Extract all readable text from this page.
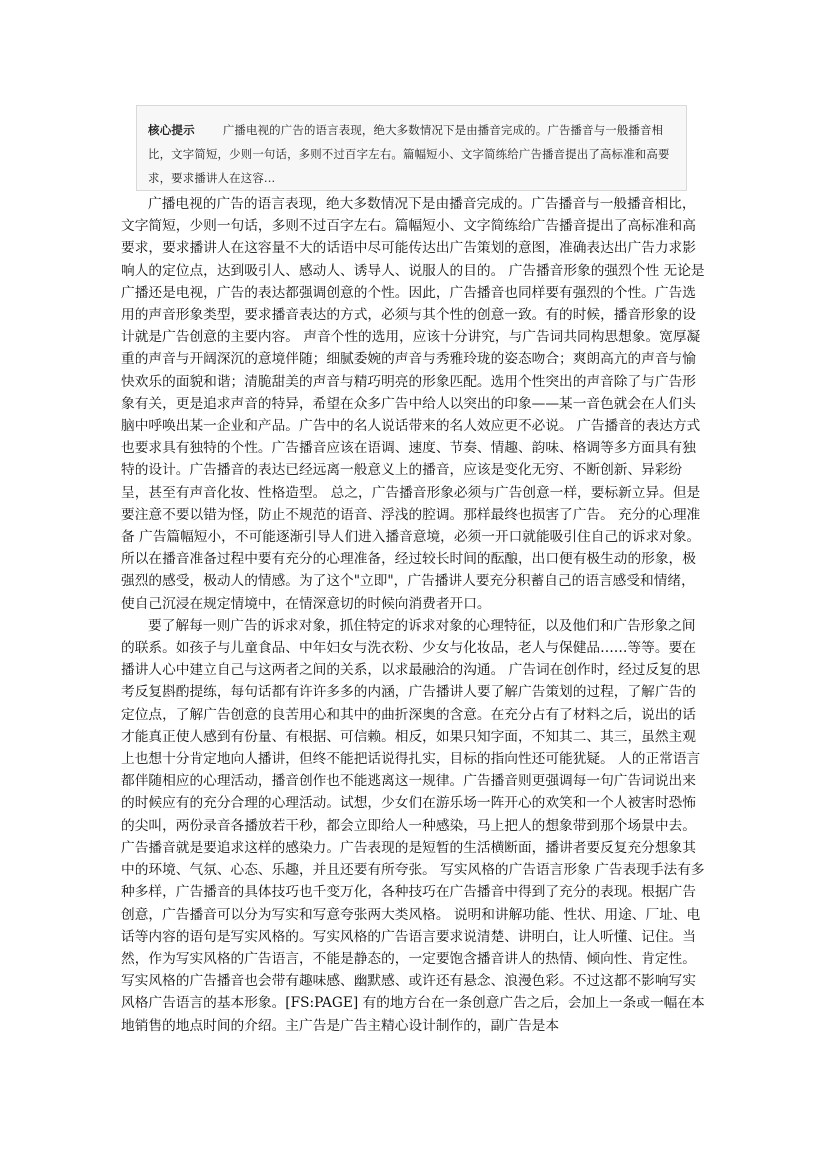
核心提示 广播电视的广告的语言表现，绝大多数情况下是由播音完成的。广告播音与一般播音相比，文字简短，少则一句话，多则不过百字左右。篇幅短小、文字简练给广告播音提出了高标准和高要求，要求播讲人在这容...

广播电视的广告的语言表现，绝大多数情况下是由播音完成的。广告播音与一般播音相比，文字简短，少则一句话，多则不过百字左右。篇幅短小、文字简练给广告播音提出了高标准和高要求，要求播讲人在这容量不大的话语中尽可能传达出广告策划的意图，准确表达出广告力求影响人的定位点，达到吸引人、感动人、诱导人、说服人的目的。 广告播音形象的强烈个性 无论是广播还是电视，广告的表达都强调创意的个性。因此，广告播音也同样要有强烈的个性。广告选用的声音形象类型，要求播音表达的方式，必须与其个性的创意一致。有的时候，播音形象的设计就是广告创意的主要内容。 声音个性的选用，应该十分讲究，与广告词共同构思想象。宽厚凝重的声音与开阔深沉的意境伴随；细腻委婉的声音与秀雅玲珑的姿态吻合；爽朗高亢的声音与愉快欢乐的面貌和谐；清脆甜美的声音与精巧明亮的形象匹配。选用个性突出的声音除了与广告形象有关，更是追求声音的特异，希望在众多广告中给人以突出的印象——某一音色就会在人们头脑中呼唤出某一企业和产品。广告中的名人说话带来的名人效应更不必说。 广告播音的表达方式也要求具有独特的个性。广告播音应该在语调、速度、节奏、情趣、韵味、格调等多方面具有独特的设计。广告播音的表达已经远离一般意义上的播音，应该是变化无穷、不断创新、异彩纷呈，甚至有声音化妆、性格造型。 总之，广告播音形象必须与广告创意一样，要标新立异。但是要注意不要以错为怪，防止不规范的语音、浮浅的腔调。那样最终也损害了广告。 充分的心理准备 广告篇幅短小，不可能逐渐引导人们进入播音意境，必须一开口就能吸引住自己的诉求对象。所以在播音准备过程中要有充分的心理准备，经过较长时间的酝酿，出口便有极生动的形象，极强烈的感受，极动人的情感。为了这个"立即"，广告播讲人要充分积蓄自己的语言感受和情绪，使自己沉浸在规定情境中，在情深意切的时候向消费者开口。

要了解每一则广告的诉求对象，抓住特定的诉求对象的心理特征，以及他们和广告形象之间的联系。如孩子与儿童食品、中年妇女与洗衣粉、少女与化妆品，老人与保健品……等等。要在播讲人心中建立自己与这两者之间的关系，以求最融洽的沟通。 广告词在创作时，经过反复的思考反复斟酌提练，每句话都有许许多多的内涵，广告播讲人要了解广告策划的过程，了解广告的定位点，了解广告创意的良苦用心和其中的曲折深奥的含意。在充分占有了材料之后，说出的话才能真正使人感到有份量、有根据、可信赖。相反，如果只知字面，不知其二、其三，虽然主观上也想十分肯定地向人播讲，但终不能把话说得扎实，目标的指向性还可能犹疑。 人的正常语言都伴随相应的心理活动，播音创作也不能逃离这一规律。广告播音则更强调每一句广告词说出来的时候应有的充分合理的心理活动。试想，少女们在游乐场一阵开心的欢笑和一个人被害时恐怖的尖叫，两份录音各播放若干秒，都会立即给人一种感染，马上把人的想象带到那个场景中去。广告播音就是要追求这样的感染力。广告表现的是短暂的生活横断面，播讲者要反复充分想象其中的环境、气氛、心态、乐趣，并且还要有所夸张。 写实风格的广告语言形象 广告表现手法有多种多样，广告播音的具体技巧也千变万化，各种技巧在广告播音中得到了充分的表现。根据广告创意，广告播音可以分为写实和写意夸张两大类风格。 说明和讲解功能、性状、用途、厂址、电话等内容的语句是写实风格的。写实风格的广告语言要求说清楚、讲明白，让人听懂、记住。当然，作为写实风格的广告语言，不能是静态的，一定要饱含播音讲人的热情、倾向性、肯定性。写实风格的广告播音也会带有趣味感、幽默感、或许还有悬念、浪漫色彩。不过这都不影响写实风格广告语言的基本形象。[FS:PAGE] 有的地方台在一条创意广告之后，会加上一条或一幅在本地销售的地点时间的介绍。主广告是广告主精心设计制作的，副广告是本
